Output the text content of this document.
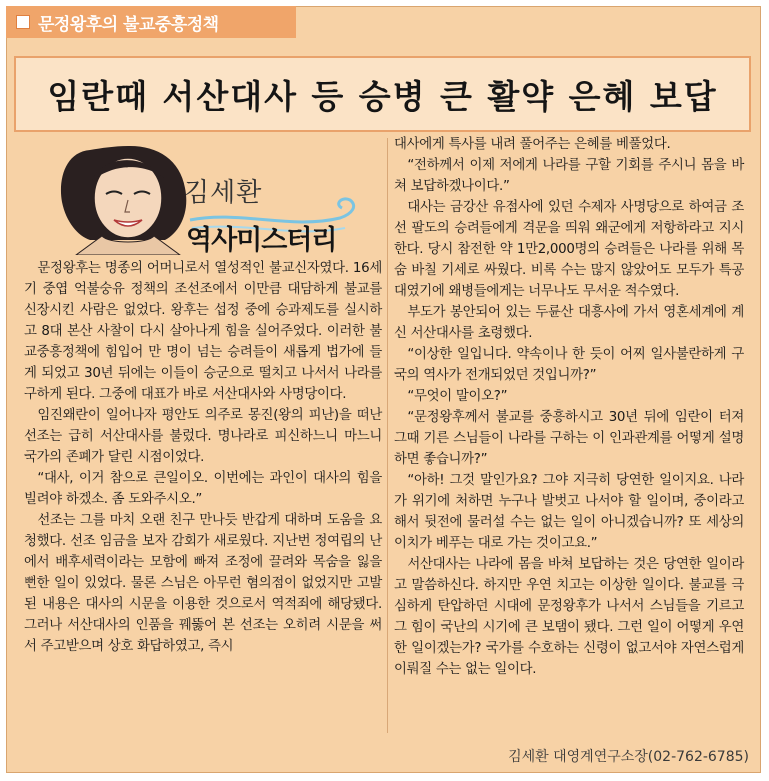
문정왕후의 불교중흥정책
임란때 서산대사 등 승병 큰 활약 은혜 보답
김세환
역사미스터리

문정왕후는 명종의 어머니로서 열성적인 불교신자였다. 16세기 중엽 억불숭유 정책의 조선조에서 이만큼 대담하게 불교를 신장시킨 사람은 없었다. 왕후는 섭정 중에 승과제도를 실시하고 8대 본산 사찰이 다시 살아나게 힘을 실어주었다. 이러한 불교중흥정책에 힘입어 만 명이 넘는 승려들이 새롭게 법가에 들게 되었고 30년 뒤에는 이들이 승군으로 떨치고 나서서 나라를 구하게 된다. 그중에 대표가 바로 서산대사와 사명당이다.

임진왜란이 일어나자 평안도 의주로 몽진(왕의 피난)을 떠난 선조는 급히 서산대사를 불렀다. 명나라로 피신하느니 마느니 국가의 존폐가 달린 시점이었다.

“대사, 이거 참으로 큰일이오. 이번에는 과인이 대사의 힘을 빌려야 하겠소. 좀 도와주시오.”

선조는 그를 마치 오랜 친구 만나듯 반갑게 대하며 도움을 요청했다. 선조 임금을 보자 감회가 새로웠다. 지난번 정여립의 난에서 배후세력이라는 모함에 빠져 조정에 끌려와 목숨을 잃을 뻔한 일이 있었다. 물론 스님은 아무런 혐의점이 없었지만 고발된 내용은 대사의 시문을 이용한 것으로서 역적죄에 해당됐다. 그러나 서산대사의 인품을 꿰뚫어 본 선조는 오히려 시문을 써서 주고받으며 상호 화답하였고, 즉시

대사에게 특사를 내려 풀어주는 은혜를 베풀었다.

“전하께서 이제 저에게 나라를 구할 기회를 주시니 몸을 바쳐 보답하겠나이다.”

대사는 금강산 유점사에 있던 수제자 사명당으로 하여금 조선 팔도의 승려들에게 격문을 띄워 왜군에게 저항하라고 지시한다. 당시 참전한 약 1만2,000명의 승려들은 나라를 위해 목숨 바칠 기세로 싸웠다. 비록 수는 많지 않았어도 모두가 특공대였기에 왜병들에게는 너무나도 무서운 적수였다.

부도가 봉안되어 있는 두륜산 대흥사에 가서 영혼세계에 계신 서산대사를 초령했다.

“이상한 일입니다. 약속이나 한 듯이 어찌 일사불란하게 구국의 역사가 전개되었던 것입니까?”

“무엇이 말이오?”

“문정왕후께서 불교를 중흥하시고 30년 뒤에 임란이 터져 그때 기른 스님들이 나라를 구하는 이 인과관계를 어떻게 설명하면 좋습니까?”

“아하! 그것 말인가요? 그야 지극히 당연한 일이지요. 나라가 위기에 처하면 누구나 발벗고 나서야 할 일이며, 중이라고 해서 뒷전에 물러설 수는 없는 일이 아니겠습니까? 또 세상의 이치가 베푸는 대로 가는 것이고요.”

서산대사는 나라에 몸을 바쳐 보답하는 것은 당연한 일이라고 말씀하신다. 하지만 우연 치고는 이상한 일이다. 불교를 극심하게 탄압하던 시대에 문정왕후가 나서서 스님들을 기르고 그 힘이 국난의 시기에 큰 보탬이 됐다. 그런 일이 어떻게 우연한 일이겠는가? 국가를 수호하는 신령이 없고서야 자연스럽게 이뤄질 수는 없는 일이다.

김세환 대영계연구소장(02-762-6785)
